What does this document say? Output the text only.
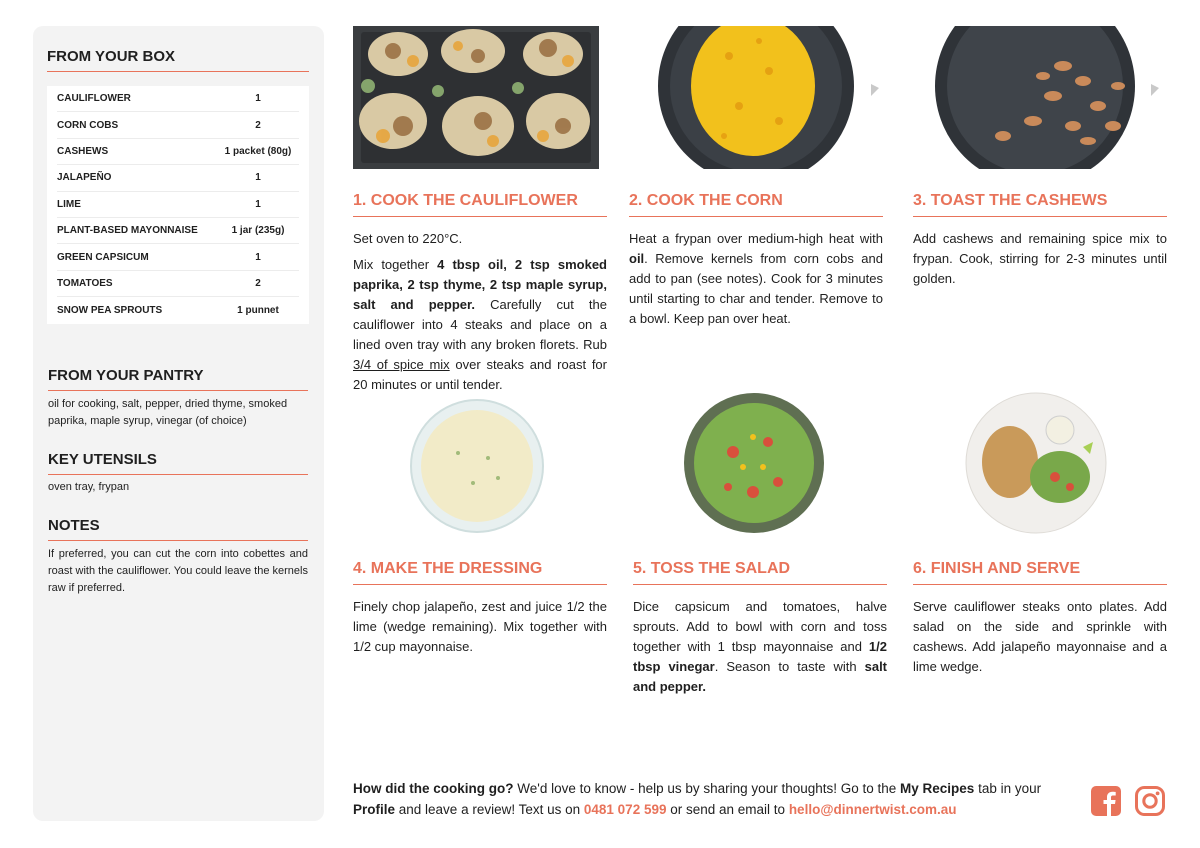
FROM YOUR BOX
CAULIFLOWER	1
CORN COBS	2
CASHEWS	1 packet (80g)
JALAPEÑO	1
LIME	1
PLANT-BASED MAYONNAISE	1 jar (235g)
GREEN CAPSICUM	1
TOMATOES	2
SNOW PEA SPROUTS	1 punnet
FROM YOUR PANTRY
oil for cooking, salt, pepper, dried thyme, smoked paprika, maple syrup, vinegar (of choice)
KEY UTENSILS
oven tray, frypan
NOTES
If preferred, you can cut the corn into cobettes and roast with the cauliflower. You could leave the kernels raw if preferred.
1. COOK THE CAULIFLOWER

Set oven to 220°C.

Mix together 4 tbsp oil, 2 tsp smoked paprika, 2 tsp thyme, 2 tsp maple syrup, salt and pepper. Carefully cut the cauliflower into 4 steaks and place on a lined oven tray with any broken florets. Rub 3/4 of spice mix over steaks and roast for 20 minutes or until tender.

2. COOK THE CORN

Heat a frypan over medium-high heat with oil. Remove kernels from corn cobs and add to pan (see notes). Cook for 3 minutes until starting to char and tender. Remove to a bowl. Keep pan over heat.

3. TOAST THE CASHEWS

Add cashews and remaining spice mix to frypan. Cook, stirring for 2-3 minutes until golden.

4. MAKE THE DRESSING

Finely chop jalapeño, zest and juice 1/2 the lime (wedge remaining). Mix together with 1/2 cup mayonnaise.

5. TOSS THE SALAD

Dice capsicum and tomatoes, halve sprouts. Add to bowl with corn and toss together with 1 tbsp mayonnaise and 1/2 tbsp vinegar. Season to taste with salt and pepper.

6. FINISH AND SERVE

Serve cauliflower steaks onto plates. Add salad on the side and sprinkle with cashews. Add jalapeño mayonnaise and a lime wedge.

How did the cooking go? We'd love to know - help us by sharing your thoughts! Go to the My Recipes tab in your Profile and leave a review! Text us on 0481 072 599 or send an email to hello@dinnertwist.com.au
